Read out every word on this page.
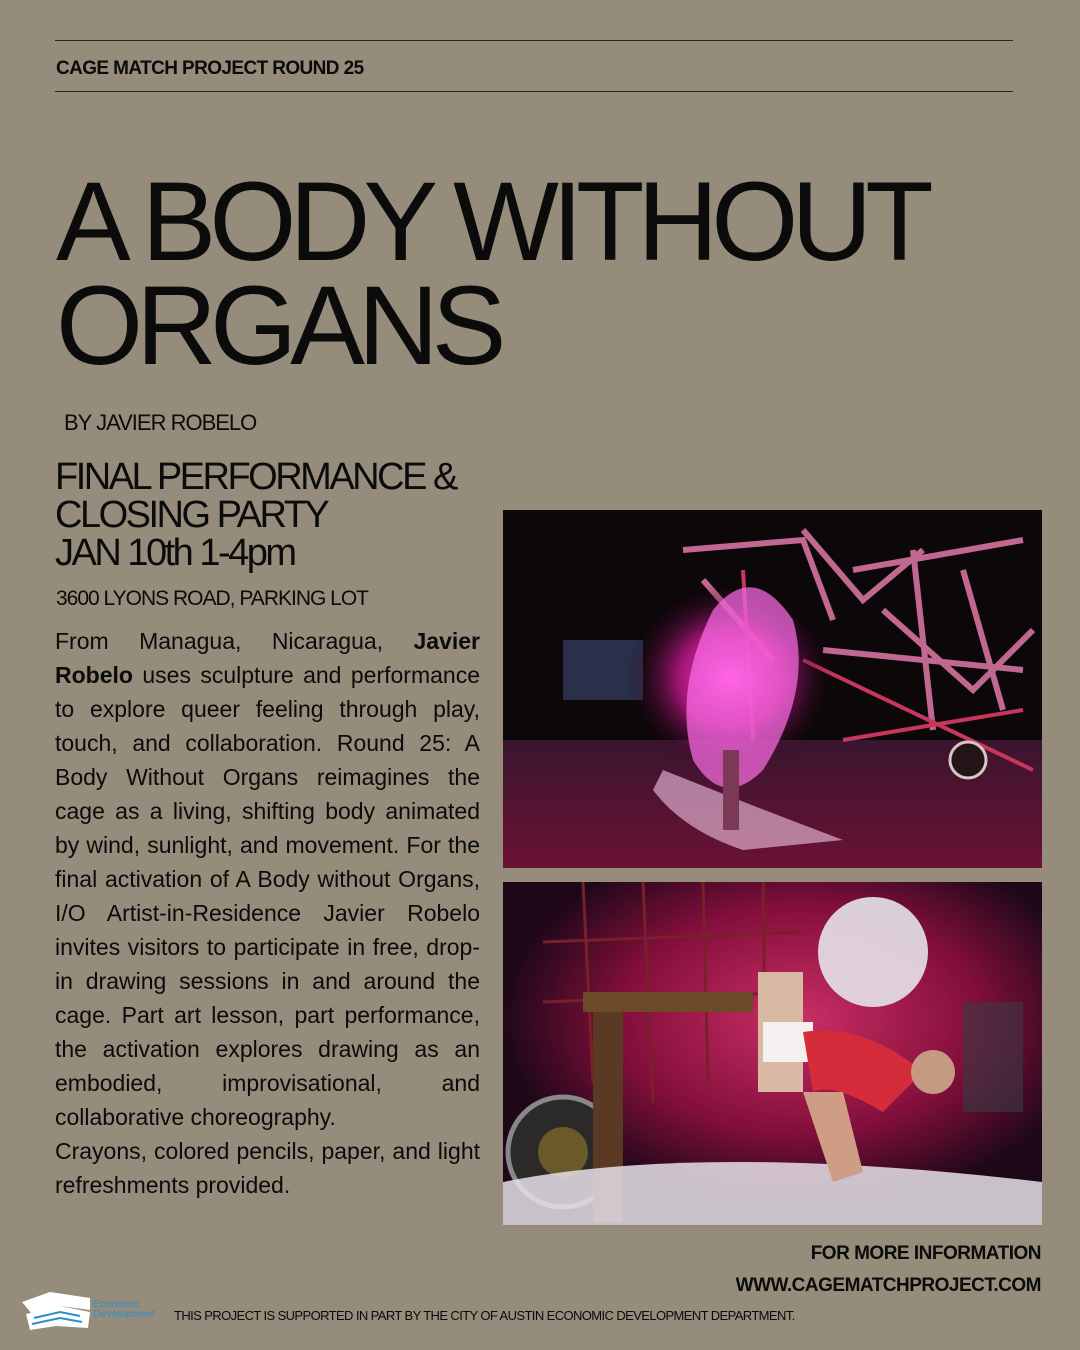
CAGE MATCH PROJECT ROUND 25
A BODY WITHOUT
ORGANS
BY JAVIER ROBELO
FINAL PERFORMANCE &
CLOSING PARTY
JAN 10th 1-4pm
3600 LYONS ROAD, PARKING LOT

From Managua, Nicaragua, Javier Robelo uses sculpture and performance to explore queer feeling through play, touch, and collaboration. Round 25: A Body Without Organs reimagines the cage as a living, shifting body animated by wind, sunlight, and movement. For the final activation of A Body without Organs, I/O Artist-in-Residence Javier Robelo invites visitors to participate in free, drop-in drawing sessions in and around the cage. Part art lesson, part performance, the activation explores drawing as an embodied, improvisational, and collaborative choreography.

Crayons, colored pencils, paper, and light refreshments provided.

FOR MORE INFORMATION
WWW.CAGEMATCHPROJECT.COM
Economic
Development THIS PROJECT IS SUPPORTED IN PART BY THE CITY OF AUSTIN ECONOMIC DEVELOPMENT DEPARTMENT.
